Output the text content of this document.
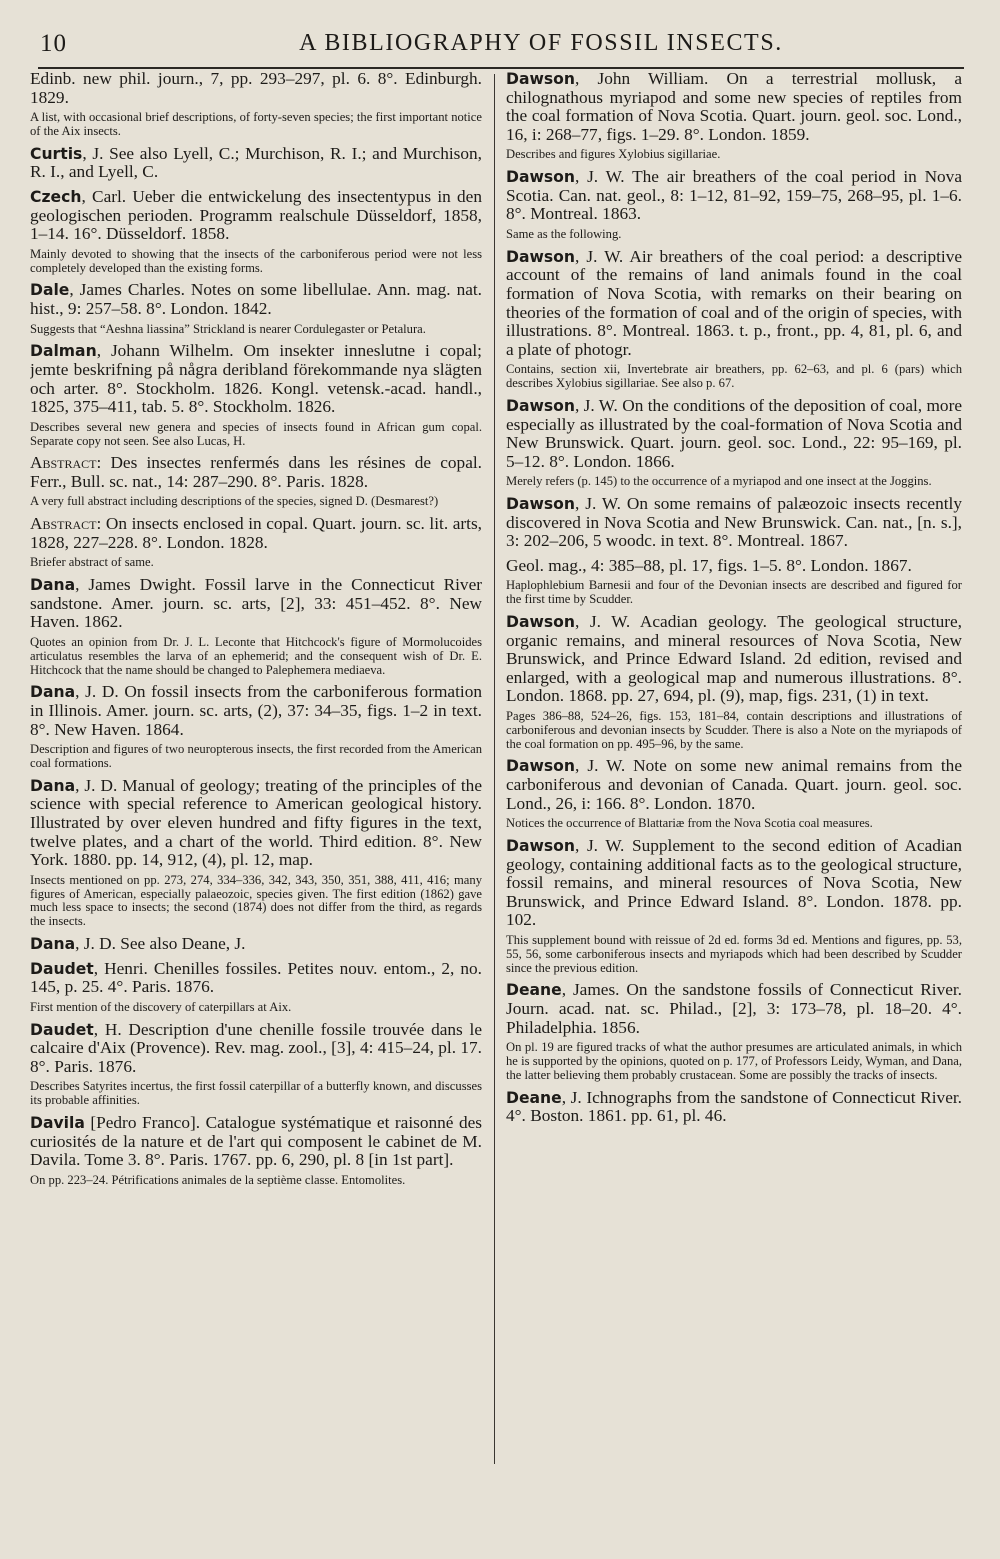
10	A BIBLIOGRAPHY OF FOSSIL INSECTS.

Edinb. new phil. journ., 7, pp. 293–297, pl. 6. 8°. Edinburgh. 1829.

A list, with occasional brief descriptions, of forty-seven species; the first important notice of the Aix insects.

Curtis, J. See also Lyell, C.; Murchison, R. I.; and Murchison, R. I., and Lyell, C.

Czech, Carl. Ueber die entwickelung des insectentypus in den geologischen perioden. Programm realschule Düsseldorf, 1858, 1–14. 16°. Düsseldorf. 1858.

Mainly devoted to showing that the insects of the carboniferous period were not less completely developed than the existing forms.

Dale, James Charles. Notes on some libellulae. Ann. mag. nat. hist., 9: 257–58. 8°. London. 1842.

Suggests that “Aeshna liassina” Strickland is nearer Cordulegaster or Petalura.

Dalman, Johann Wilhelm. Om insekter inneslutne i copal; jemte beskrifning på några deribland förekommande nya slägten och arter. 8°. Stockholm. 1826. Kongl. vetensk.-acad. handl., 1825, 375–411, tab. 5. 8°. Stockholm. 1826.

Describes several new genera and species of insects found in African gum copal. Separate copy not seen. See also Lucas, H.

Abstract: Des insectes renfermés dans les résines de copal. Ferr., Bull. sc. nat., 14: 287–290. 8°. Paris. 1828.

A very full abstract including descriptions of the species, signed D. (Desmarest?)

Abstract: On insects enclosed in copal. Quart. journ. sc. lit. arts, 1828, 227–228. 8°. London. 1828.

Briefer abstract of same.

Dana, James Dwight. Fossil larve in the Connecticut River sandstone. Amer. journ. sc. arts, [2], 33: 451–452. 8°. New Haven. 1862.

Quotes an opinion from Dr. J. L. Leconte that Hitchcock's figure of Mormolucoides articulatus resembles the larva of an ephemerid; and the consequent wish of Dr. E. Hitchcock that the name should be changed to Palephemera mediaeva.

Dana, J. D. On fossil insects from the carboniferous formation in Illinois. Amer. journ. sc. arts, (2), 37: 34–35, figs. 1–2 in text. 8°. New Haven. 1864.

Description and figures of two neuropterous insects, the first recorded from the American coal formations.

Dana, J. D. Manual of geology; treating of the principles of the science with special reference to American geological history. Illustrated by over eleven hundred and fifty figures in the text, twelve plates, and a chart of the world. Third edition. 8°. New York. 1880. pp. 14, 912, (4), pl. 12, map.

Insects mentioned on pp. 273, 274, 334–336, 342, 343, 350, 351, 388, 411, 416; many figures of American, especially palaeozoic, species given. The first edition (1862) gave much less space to insects; the second (1874) does not differ from the third, as regards the insects.

Dana, J. D. See also Deane, J.

Daudet, Henri. Chenilles fossiles. Petites nouv. entom., 2, no. 145, p. 25. 4°. Paris. 1876.

First mention of the discovery of caterpillars at Aix.

Daudet, H. Description d'une chenille fossile trouvée dans le calcaire d'Aix (Provence). Rev. mag. zool., [3], 4: 415–24, pl. 17. 8°. Paris. 1876.

Describes Satyrites incertus, the first fossil caterpillar of a butterfly known, and discusses its probable affinities.

Davila [Pedro Franco]. Catalogue systématique et raisonné des curiosités de la nature et de l'art qui composent le cabinet de M. Davila. Tome 3. 8°. Paris. 1767. pp. 6, 290, pl. 8 [in 1st part].

On pp. 223–24. Pétrifications animales de la septième classe. Entomolites.

Dawson, John William. On a terrestrial mollusk, a chilognathous myriapod and some new species of reptiles from the coal formation of Nova Scotia. Quart. journ. geol. soc. Lond., 16, i: 268–77, figs. 1–29. 8°. London. 1859.

Describes and figures Xylobius sigillariae.

Dawson, J. W. The air breathers of the coal period in Nova Scotia. Can. nat. geol., 8: 1–12, 81–92, 159–75, 268–95, pl. 1–6. 8°. Montreal. 1863.

Same as the following.

Dawson, J. W. Air breathers of the coal period: a descriptive account of the remains of land animals found in the coal formation of Nova Scotia, with remarks on their bearing on theories of the formation of coal and of the origin of species, with illustrations. 8°. Montreal. 1863. t. p., front., pp. 4, 81, pl. 6, and a plate of photogr.

Contains, section xii, Invertebrate air breathers, pp. 62–63, and pl. 6 (pars) which describes Xylobius sigillariae. See also p. 67.

Dawson, J. W. On the conditions of the deposition of coal, more especially as illustrated by the coal-formation of Nova Scotia and New Brunswick. Quart. journ. geol. soc. Lond., 22: 95–169, pl. 5–12. 8°. London. 1866.

Merely refers (p. 145) to the occurrence of a myriapod and one insect at the Joggins.

Dawson, J. W. On some remains of palæozoic insects recently discovered in Nova Scotia and New Brunswick. Can. nat., [n. s.], 3: 202–206, 5 woodc. in text. 8°. Montreal. 1867.

Geol. mag., 4: 385–88, pl. 17, figs. 1–5. 8°. London. 1867.

Haplophlebium Barnesii and four of the Devonian insects are described and figured for the first time by Scudder.

Dawson, J. W. Acadian geology. The geological structure, organic remains, and mineral resources of Nova Scotia, New Brunswick, and Prince Edward Island. 2d edition, revised and enlarged, with a geological map and numerous illustrations. 8°. London. 1868. pp. 27, 694, pl. (9), map, figs. 231, (1) in text.

Pages 386–88, 524–26, figs. 153, 181–84, contain descriptions and illustrations of carboniferous and devonian insects by Scudder. There is also a Note on the myriapods of the coal formation on pp. 495–96, by the same.

Dawson, J. W. Note on some new animal remains from the carboniferous and devonian of Canada. Quart. journ. geol. soc. Lond., 26, i: 166. 8°. London. 1870.

Notices the occurrence of Blattariæ from the Nova Scotia coal measures.

Dawson, J. W. Supplement to the second edition of Acadian geology, containing additional facts as to the geological structure, fossil remains, and mineral resources of Nova Scotia, New Brunswick, and Prince Edward Island. 8°. London. 1878. pp. 102.

This supplement bound with reissue of 2d ed. forms 3d ed. Mentions and figures, pp. 53, 55, 56, some carboniferous insects and myriapods which had been described by Scudder since the previous edition.

Deane, James. On the sandstone fossils of Connecticut River. Journ. acad. nat. sc. Philad., [2], 3: 173–78, pl. 18–20. 4°. Philadelphia. 1856.

On pl. 19 are figured tracks of what the author presumes are articulated animals, in which he is supported by the opinions, quoted on p. 177, of Professors Leidy, Wyman, and Dana, the latter believing them probably crustacean. Some are possibly the tracks of insects.

Deane, J. Ichnographs from the sandstone of Connecticut River. 4°. Boston. 1861. pp. 61, pl. 46.
